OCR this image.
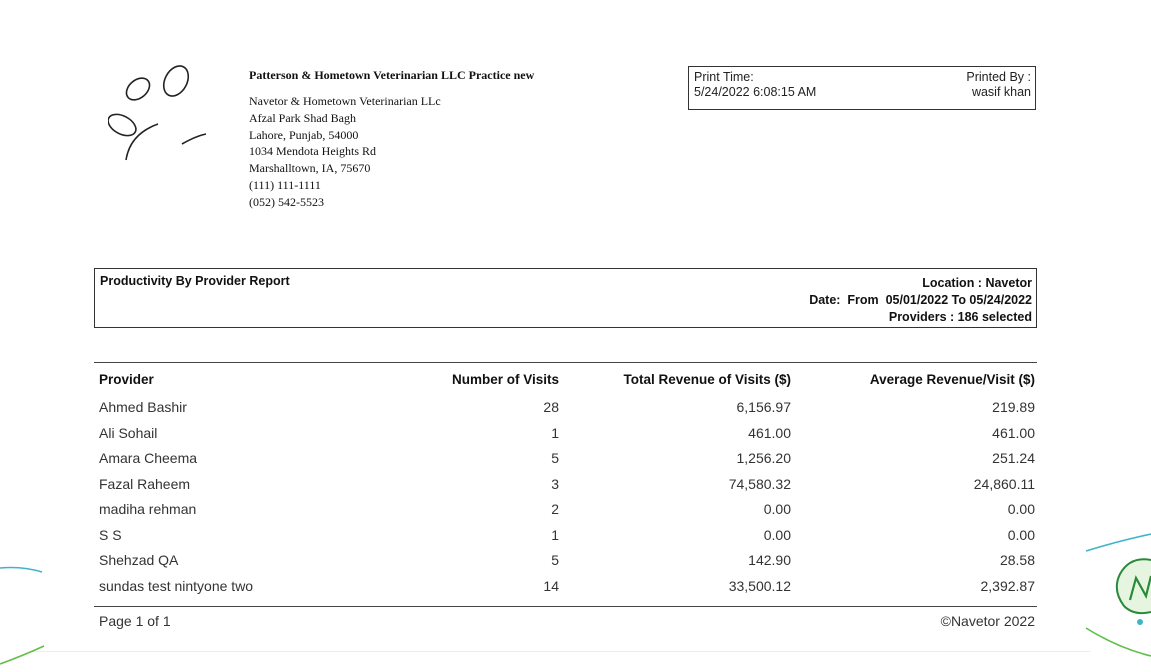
Patterson & Hometown Veterinarian LLC Practice new
Navetor & Hometown Veterinarian LLc
Afzal Park Shad Bagh
Lahore, Punjab, 54000
1034 Mendota Heights Rd
Marshalltown, IA, 75670
(111) 111-1111
(052) 542-5523
Print Time:
5/24/2022 6:08:15 AM
Printed By :
wasif khan
Productivity By Provider Report	Location : Navetor
Date:  From  05/01/2022 To 05/24/2022
Providers : 186 selected
Provider	Number of Visits	Total Revenue of Visits ($)	Average Revenue/Visit ($)
Ahmed Bashir	28	6,156.97	219.89
Ali Sohail	1	461.00	461.00
Amara Cheema	5	1,256.20	251.24
Fazal Raheem	3	74,580.32	24,860.11
madiha rehman	2	0.00	0.00
S S	1	0.00	0.00
Shehzad QA	5	142.90	28.58
sundas test nintyone two	14	33,500.12	2,392.87
Page 1 of 1	©Navetor 2022
